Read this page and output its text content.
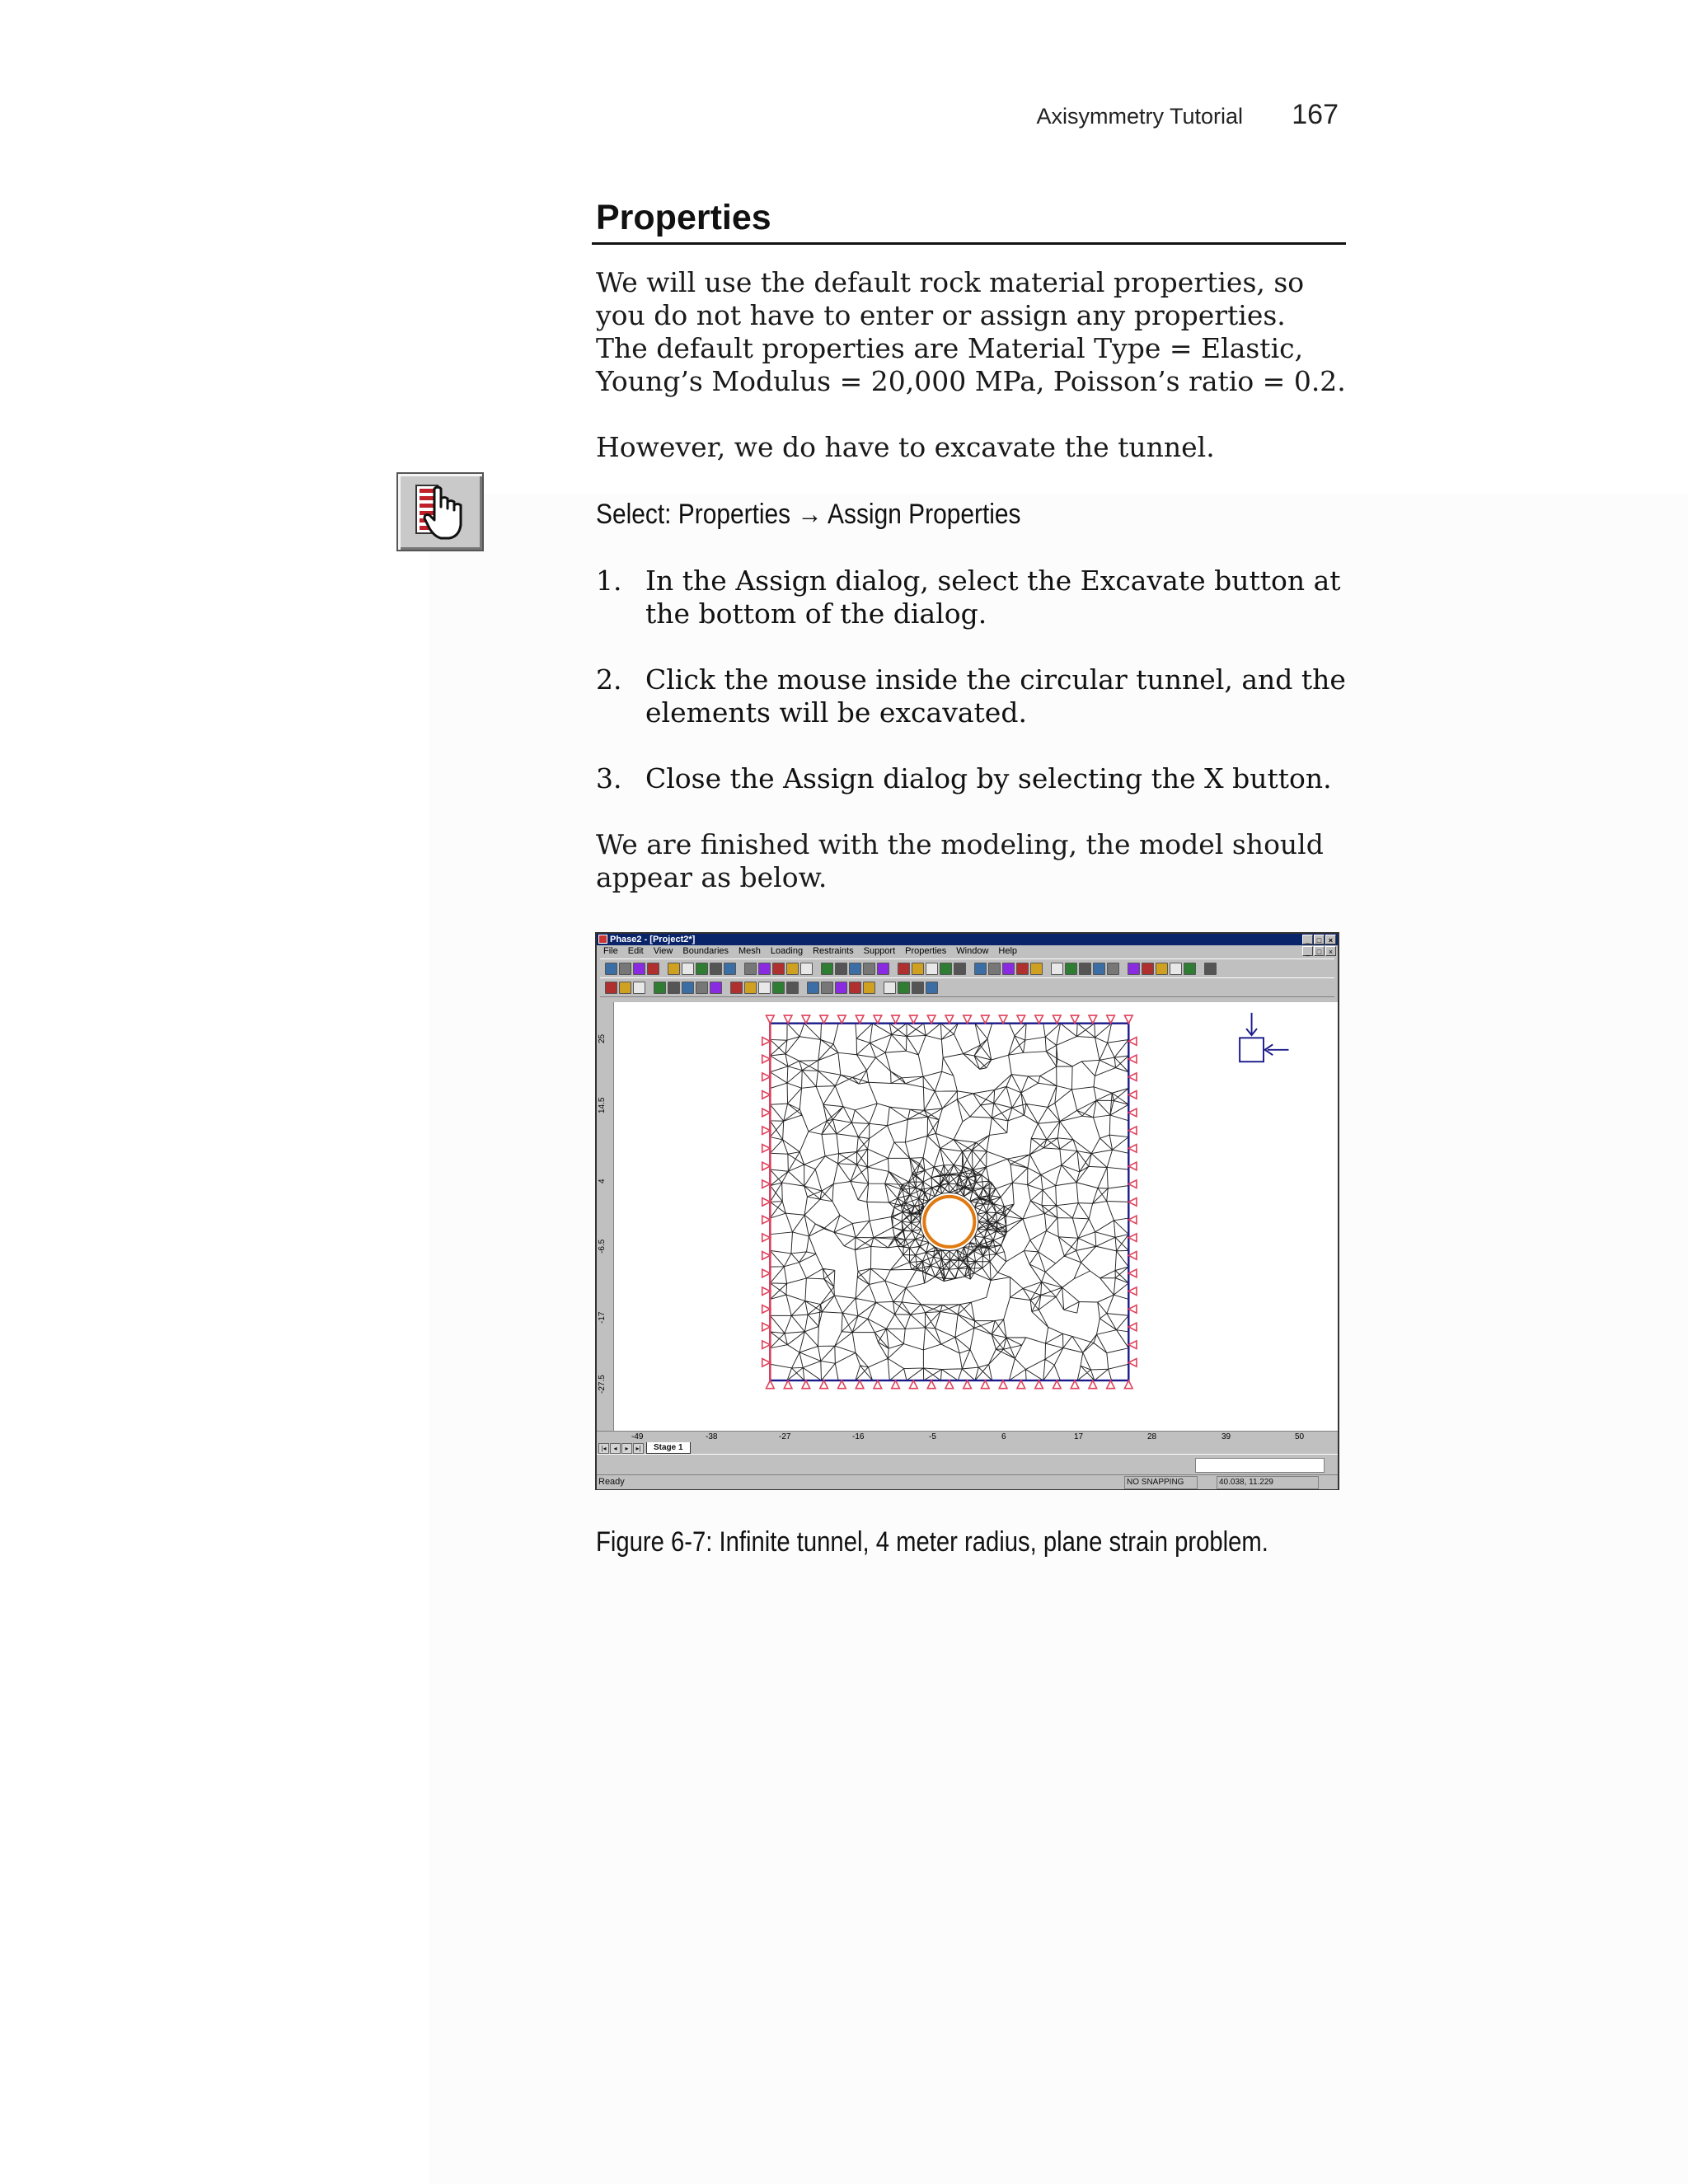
Axisymmetry Tutorial 167
Properties
We will use the default rock material properties, so you do not have to enter or assign any properties. The default properties are Material Type = Elastic, Young’s Modulus = 20,000 MPa, Poisson’s ratio = 0.2.
However, we do have to excavate the tunnel.
Select: Properties → Assign Properties
1. In the Assign dialog, select the Excavate button at the bottom of the dialog.
2. Click the mouse inside the circular tunnel, and the elements will be excavated.
3. Close the Assign dialog by selecting the X button.
We are finished with the modeling, the model should appear as below.
Phase2 - [Project2*]	_ □ ×
File Edit View Boundaries Mesh Loading Restraints Support Properties Window Help	_ □ ×
25
14.5
4
-6.5
-17
-27.5
-49	-38	-27	-16	-5	6	17	28	39	50
|◂	◂	▸	▸|	Stage 1
Ready	NO SNAPPING	40.038, 11.229
Figure 6-7: Infinite tunnel, 4 meter radius, plane strain problem.
